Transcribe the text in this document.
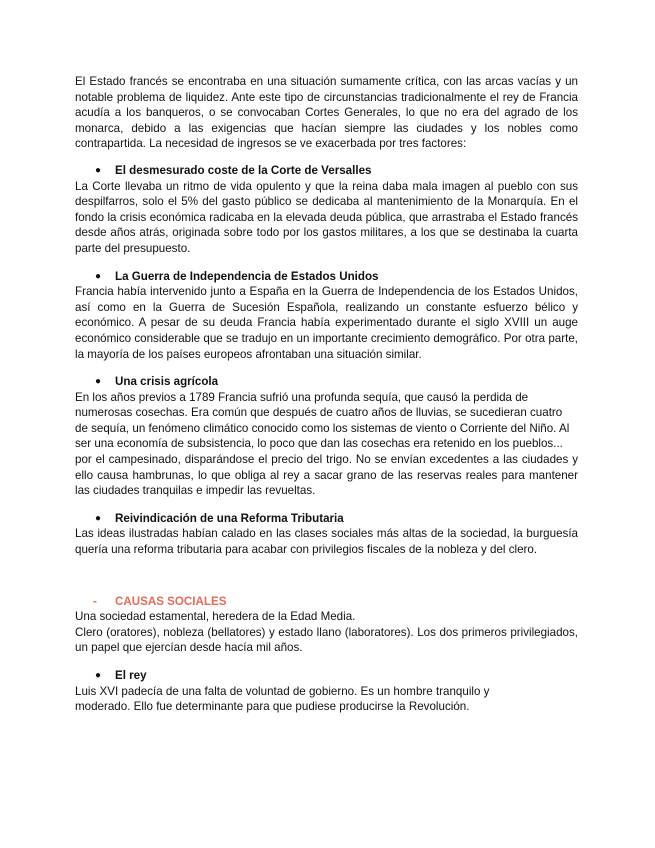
El Estado francés se encontraba en una situación sumamente crítica, con las arcas vacías y un notable problema de liquidez. Ante este tipo de circunstancias tradicionalmente el rey de Francia acudía a los banqueros, o se convocaban Cortes Generales, lo que no era del agrado de los monarca, debido a las exigencias que hacían siempre las ciudades y los nobles como contrapartida. La necesidad de ingresos se ve exacerbada por tres factores:

●	El desmesurado coste de la Corte de Versalles

La Corte llevaba un ritmo de vida opulento y que la reina daba mala imagen al pueblo con sus despilfarros, solo el 5% del gasto público se dedicaba al mantenimiento de la Monarquía. En el fondo la crisis económica radicaba en la elevada deuda pública, que arrastraba el Estado francés desde años atrás, originada sobre todo por los gastos militares, a los que se destinaba la cuarta parte del presupuesto.

●	La Guerra de Independencia de Estados Unidos

Francia había intervenido junto a España en la Guerra de Independencia de los Estados Unidos, así como en la Guerra de Sucesión Española, realizando un constante esfuerzo bélico y económico. A pesar de su deuda Francia había experimentado durante el siglo XVIII un auge económico considerable que se tradujo en un importante crecimiento demográfico. Por otra parte, la mayoría de los países europeos afrontaban una situación similar.

●	Una crisis agrícola

En los años previos a 1789 Francia sufrió una profunda sequía, que causó la perdida de numerosas cosechas. Era común que después de cuatro años de lluvias, se sucedieran cuatro de sequía, un fenómeno climático conocido como los sistemas de viento o Corriente del Niño. Al ser una economía de subsistencia, lo poco que dan las cosechas era retenido en los pueblos...

por el campesinado, disparándose el precio del trigo. No se envían excedentes a las ciudades y ello causa hambrunas, lo que obliga al rey a sacar grano de las reservas reales para mantener las ciudades tranquilas e impedir las revueltas.

●	Reivindicación de una Reforma Tributaria

Las ideas ilustradas habían calado en las clases sociales más altas de la sociedad, la burguesía quería una reforma tributaria para acabar con privilegios fiscales de la nobleza y del clero.

-	CAUSAS SOCIALES

Una sociedad estamental, heredera de la Edad Media.

Clero (oratores), nobleza (bellatores) y estado llano (laboratores). Los dos primeros privilegiados, un papel que ejercían desde hacía mil años.

●	El rey

Luis XVI padecía de una falta de voluntad de gobierno. Es un hombre tranquilo y

moderado. Ello fue determinante para que pudiese producirse la Revolución.
